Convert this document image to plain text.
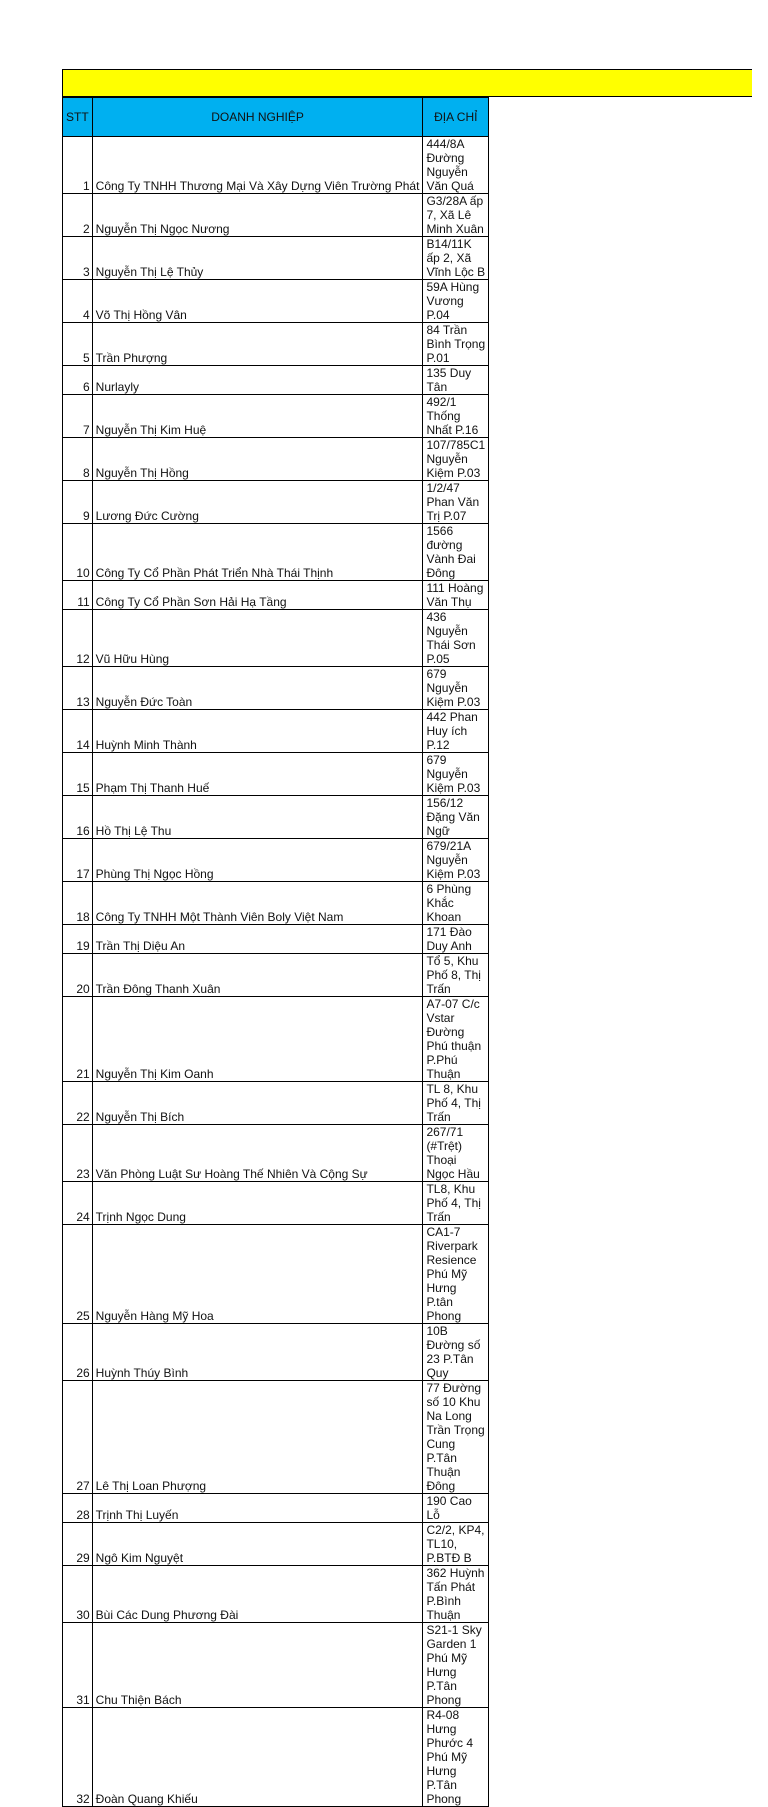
STT	DOANH NGHIỆP	ĐỊA CHỈ
1	Công Ty TNHH Thương Mại Và Xây Dựng Viên Trường Phát	444/8A Đường Nguyễn Văn Quá
2	Nguyễn Thị Ngọc Nương	G3/28A ấp 7, Xã Lê Minh Xuân
3	Nguyễn Thị Lệ Thủy	B14/11K ấp 2, Xã Vĩnh Lộc B
4	Võ Thị Hồng Vân	59A Hùng Vương P.04
5	Trần Phượng	84 Trần Bình Trọng P.01
6	Nurlayly	135 Duy Tân
7	Nguyễn Thị Kim Huệ	492/1 Thống Nhất P.16
8	Nguyễn Thị Hồng	107/785C1 Nguyễn Kiệm P.03
9	Lương Đức Cường	1/2/47 Phan Văn Trị P.07
10	Công Ty Cổ Phần Phát Triển Nhà Thái Thịnh	1566 đường Vành Đai Đông
11	Công Ty Cổ Phần Sơn Hải Hạ Tầng	111 Hoàng Văn Thụ
12	Vũ Hữu Hùng	436 Nguyễn Thái Sơn P.05
13	Nguyễn Đức Toàn	679 Nguyễn Kiệm P.03
14	Huỳnh Minh Thành	442 Phan Huy ích P.12
15	Phạm Thị Thanh Huế	679 Nguyễn Kiệm P.03
16	Hồ Thị Lệ Thu	156/12 Đặng Văn Ngữ
17	Phùng Thị Ngọc Hồng	679/21A Nguyễn Kiệm P.03
18	Công Ty TNHH Một Thành Viên Boly Việt Nam	6 Phùng Khắc Khoan
19	Trần Thị Diệu An	171 Đào Duy Anh
20	Trần Đông Thanh Xuân	Tổ 5, Khu Phố 8, Thị Trấn
21	Nguyễn Thị Kim Oanh	A7-07 C/c Vstar Đường Phú thuận P.Phú Thuận
22	Nguyễn Thị Bích	TL 8, Khu Phố 4, Thị Trấn
23	Văn Phòng Luật Sư Hoàng Thế Nhiên Và Cộng Sự	267/71 (#Trệt) Thoại Ngọc Hầu
24	Trịnh Ngọc Dung	TL8, Khu Phố 4, Thị Trấn
25	Nguyễn Hàng Mỹ Hoa	CA1-7 Riverpark Resience Phú Mỹ Hưng P.tân Phong
26	Huỳnh Thúy Bình	10B Đường số 23 P.Tân Quy
27	Lê Thị Loan Phượng	77 Đường số 10 Khu Na Long Trần Trọng Cung P.Tân Thuận Đông
28	Trịnh Thị Luyến	190 Cao Lỗ
29	Ngô Kim Nguyệt	C2/2, KP4, TL10, P.BTĐ B
30	Bùi Các Dung Phương Đài	362 Huỳnh Tấn Phát P.Bình Thuận
31	Chu Thiện Bách	S21-1 Sky Garden 1 Phú Mỹ Hưng P.Tân Phong
32	Đoàn Quang Khiếu	R4-08 Hưng Phước 4 Phú Mỹ Hưng P.Tân Phong
